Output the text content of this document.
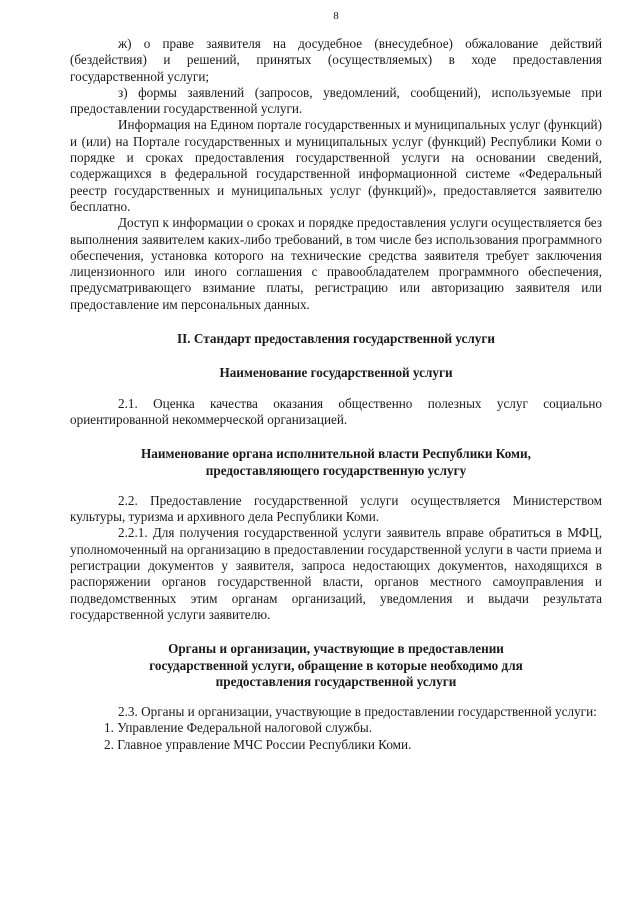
8

ж) о праве заявителя на досудебное (внесудебное) обжалование действий (бездействия) и решений, принятых (осуществляемых) в ходе предоставления государственной услуги;

з) формы заявлений (запросов, уведомлений, сообщений), используемые при предоставлении государственной услуги.

Информация на Едином портале государственных и муниципальных услуг (функций) и (или) на Портале государственных и муниципальных услуг (функций) Республики Коми о порядке и сроках предоставления государственной услуги на основании сведений, содержащихся в федеральной государственной информационной системе «Федеральный реестр государственных и муниципальных услуг (функций)», предоставляется заявителю бесплатно.

Доступ к информации о сроках и порядке предоставления услуги осуществляется без выполнения заявителем каких-либо требований, в том числе без использования программного обеспечения, установка которого на технические средства заявителя требует заключения лицензионного или иного соглашения с правообладателем программного обеспечения, предусматривающего взимание платы, регистрацию или авторизацию заявителя или предоставление им персональных данных.

II. Стандарт предоставления государственной услуги
Наименование государственной услуги

2.1. Оценка качества оказания общественно полезных услуг социально ориентированной некоммерческой организацией.

Наименование органа исполнительной власти Республики Коми,
предоставляющего государственную услугу

2.2. Предоставление государственной услуги осуществляется Министерством культуры, туризма и архивного дела Республики Коми.

2.2.1. Для получения государственной услуги заявитель вправе обратиться в МФЦ, уполномоченный на организацию в предоставлении государственной услуги в части приема и регистрации документов у заявителя, запроса недостающих документов, находящихся в распоряжении органов государственной власти, органов местного самоуправления и подведомственных этим органам организаций, уведомления и выдачи результата государственной услуги заявителю.

Органы и организации, участвующие в предоставлении
государственной услуги, обращение в которые необходимо для
предоставления государственной услуги

2.3. Органы и организации, участвующие в предоставлении государственной услуги:

1. Управление Федеральной налоговой службы.

2. Главное управление МЧС России Республики Коми.
